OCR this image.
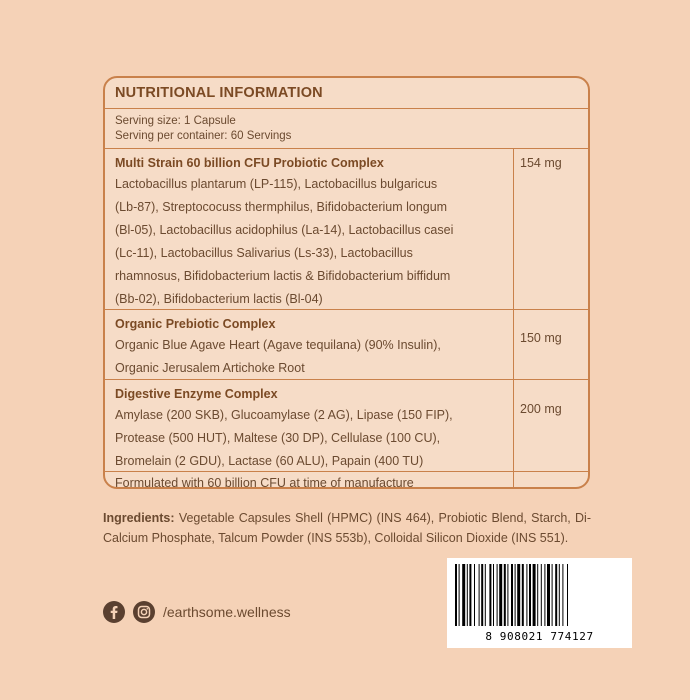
NUTRITIONAL INFORMATION
Serving size: 1 Capsule
Serving per container: 60 Servings
Multi Strain 60 billion CFU Probiotic Complex
Lactobacillus plantarum (LP-115), Lactobacillus bulgaricus
(Lb-87), Streptococuss thermphilus, Bifidobacterium longum
(Bl-05), Lactobacillus acidophilus (La-14), Lactobacillus casei
(Lc-11), Lactobacillus Salivarius (Ls-33), Lactobacillus
rhamnosus, Bifidobacterium lactis & Bifidobacterium biffidum
(Bb-02), Bifidobacterium lactis (Bl-04)
154 mg
Organic Prebiotic Complex
Organic Blue Agave Heart (Agave tequilana) (90% Insulin),
Organic Jerusalem Artichoke Root
150 mg
Digestive Enzyme Complex
Amylase (200 SKB), Glucoamylase (2 AG), Lipase (150 FIP),
Protease (500 HUT), Maltese (30 DP), Cellulase (100 CU),
Bromelain (2 GDU), Lactase (60 ALU), Papain (400 TU)
200 mg
Formulated with 60 billion CFU at time of manufacture
Ingredients: Vegetable Capsules Shell (HPMC) (INS 464), Probiotic Blend, Starch, Di-Calcium Phosphate, Talcum Powder (INS 553b), Colloidal Silicon Dioxide (INS 551).
/earthsome.wellness
8 908021 774127
